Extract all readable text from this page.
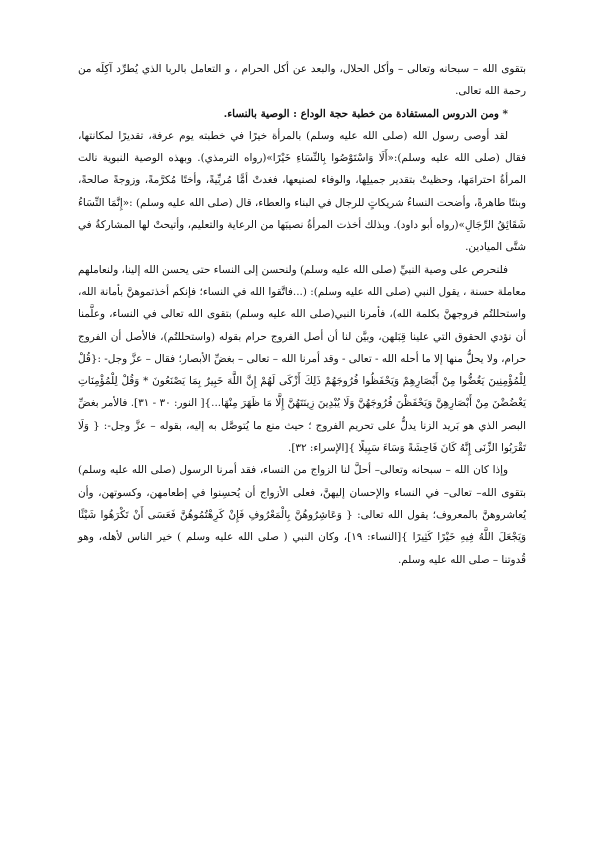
بتقوى الله – سبحانه وتعالى – وأكل الحلال، والبعد عن أكل الحرام ، و التعامل بالربا الذي يُطرِّد آكِلَه من رحمة الله تعالى.

* ومن الدروس المستفادة من خطبة حجة الوداع : الوصية بالنساء.

لقد أوصى رسول الله (صلى الله عليه وسلم) بالمرأة خيرًا في خطبته يوم عرفة، تقديرًا لمكانتها، فقال (صلى الله عليه وسلم):«أَلَا وَاسْتَوْصُوا بِالنِّسَاءِ خَيْرًا»(رواه الترمذي). وبهذه الوصية النبوية نالت المرأةُ احترامَها، وحظيتْ بتقدير جميلِها، والوفاء لصنيعها، فغدتْ أمًّا مُربِّيةً، وأختًا مُكرَّمةً، وزوجةً صالحةً، وبنتًا طاهرةً، وأضحت النساءُ شريكاتٍ للرجال في البناء والعطاء، قال (صلى الله عليه وسلم) :«إِنَّمَا النِّسَاءُ شَقَائِقُ الرِّجَالِ»(رواه أبو داود). وبذلك أخذت المرأةُ نصيبَها من الرعاية والتعليم، وأتيحتْ لها المشاركةُ في شتَّى الميادين.

فلنحرص على وصية النبيِّ (صلى الله عليه وسلم) ولنحسن إلى النساء حتى يحسن الله إلينا، ولنعاملهم معاملة حسنة ، يقول النبي (صلى الله عليه وسلم): (...فاتَّقوا الله في النساء؛ فإنكم أخذتموهنَّ بأمانة الله، واستحللتُم فروجهنَّ بكلمة الله)، فأمرنا النبي(صلى الله عليه وسلم) بتقوى الله تعالى في النساء، وعلَّمنا أن نؤدي الحقوق التي علينا قِبَلهن، وبيَّن لنا أن أصل الفروج حرام بقوله (واستحللتُم)، فالأصل أن الفروج حرام، ولا يحلُّ منها إلا ما أحله الله - تعالى - وقد أمرنا الله – تعالى – بغضِّ الأبصار؛ فقال – عزَّ وجل- :{قُلْ لِلْمُؤْمِنِينَ يَغُضُّوا مِنْ أَبْصَارِهِمْ وَيَحْفَظُوا فُرُوجَهُمْ ذَلِكَ أَزْكَى لَهُمْ إِنَّ اللَّهَ خَبِيرٌ بِمَا يَصْنَعُونَ * وَقُلْ لِلْمُؤْمِنَاتِ يَغْضُضْنَ مِنْ أَبْصَارِهِنَّ وَيَحْفَظْنَ فُرُوجَهُنَّ وَلَا يُبْدِينَ زِينَتَهُنَّ إِلَّا مَا ظَهَرَ مِنْهَا...}[ النور: ٣٠ - ٣١]. فالأمر بغضِّ البصر الذي هو بَريد الزنا يدلُّ على تحريم الفروج ؛ حيث منع ما يُتوصَّل به إليه، بقوله – عزَّ وجل-: { وَلَا تَقْرَبُوا الزِّنَى إِنَّهُ كَانَ فَاحِشَةً وَسَاءَ سَبِيلًا }[الإسراء: ٣٢].

وإذا كان الله – سبحانه وتعالى– أحلَّ لنا الزواج من النساء، فقد أمرنا الرسول (صلى الله عليه وسلم) بتقوى الله– تعالى– في النساء والإحسان إليهنَّ، فعلى الأزواج أن يُحسِنوا في إطعامهن، وكسوتهن، وأن يُعاشروهنَّ بالمعروف؛ يقول الله تعالى: { وَعَاشِرُوهُنَّ بِالْمَعْرُوفِ فَإِنْ كَرِهْتُمُوهُنَّ فَعَسَى أَنْ تَكْرَهُوا شَيْئًا وَيَجْعَلَ اللَّهُ فِيهِ خَيْرًا كَثِيرًا }[النساء: ١٩]، وكان النبي ( صلى الله عليه وسلم ) خير الناس لأهله، وهو قُدوتنا – صلى الله عليه وسلم.
